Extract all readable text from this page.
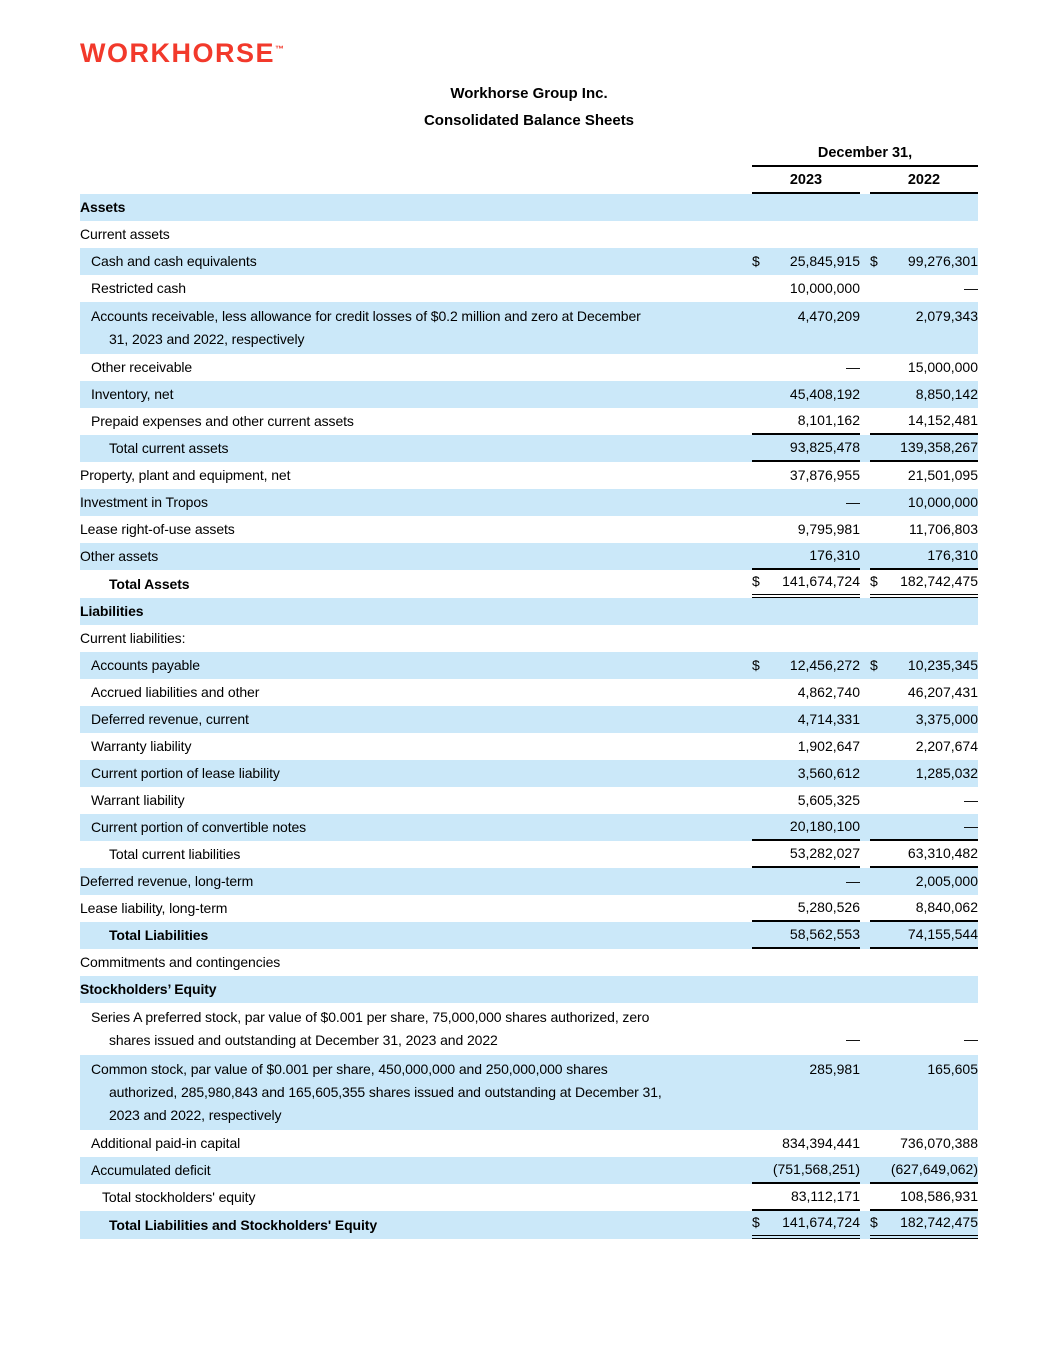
WORKHORSE™
Workhorse Group Inc.
Consolidated Balance Sheets
December 31,
2023	2022
Assets
Current assets
Cash and cash equivalents	$ 25,845,915 $ 99,276,301
Restricted cash	10,000,000	—
Accounts receivable, less allowance for credit losses of $0.2 million and zero at December
31, 2023 and 2022, respectively
4,470,209	2,079,343
Other receivable	—	15,000,000
Inventory, net	45,408,192	8,850,142
Prepaid expenses and other current assets	8,101,162	14,152,481
Total current assets	93,825,478	139,358,267
Property, plant and equipment, net	37,876,955	21,501,095
Investment in Tropos	—	10,000,000
Lease right-of-use assets	9,795,981	11,706,803
Other assets	176,310	176,310
Total Assets	$ 141,674,724 $ 182,742,475
Liabilities
Current liabilities:
Accounts payable	$ 12,456,272 $ 10,235,345
Accrued liabilities and other	4,862,740	46,207,431
Deferred revenue, current	4,714,331	3,375,000
Warranty liability	1,902,647	2,207,674
Current portion of lease liability	3,560,612	1,285,032
Warrant liability	5,605,325	—
Current portion of convertible notes	20,180,100	—
Total current liabilities	53,282,027	63,310,482
Deferred revenue, long-term	—	2,005,000
Lease liability, long-term	5,280,526	8,840,062
Total Liabilities	58,562,553	74,155,544
Commitments and contingencies
Stockholders’ Equity
Series A preferred stock, par value of $0.001 per share, 75,000,000 shares authorized, zero
shares issued and outstanding at December 31, 2023 and 2022	—	—
Common stock, par value of $0.001 per share, 450,000,000 and 250,000,000 shares
authorized, 285,980,843 and 165,605,355 shares issued and outstanding at December 31,
2023 and 2022, respectively
285,981	165,605
Additional paid-in capital	834,394,441	736,070,388
Accumulated deficit	(751,568,251) (627,649,062)
Total stockholders' equity	83,112,171	108,586,931
Total Liabilities and Stockholders' Equity	$ 141,674,724 $ 182,742,475
